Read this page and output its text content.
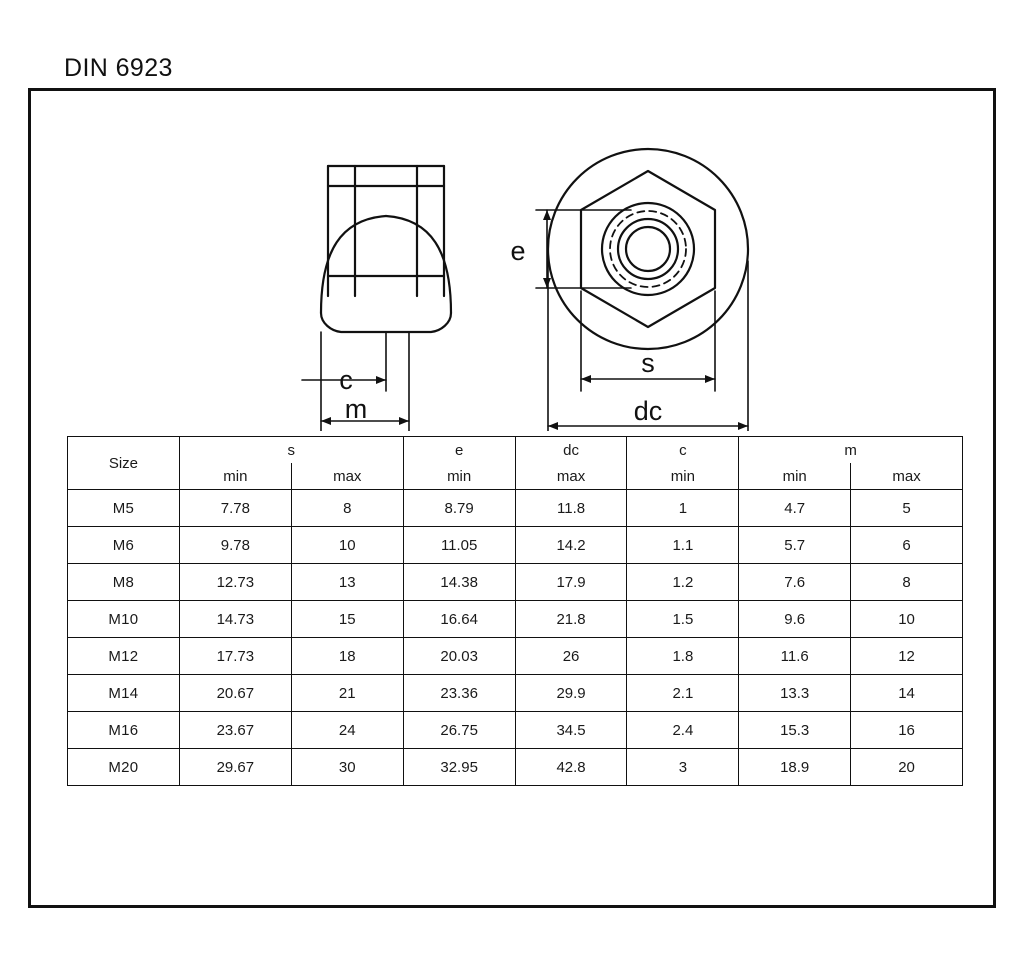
DIN 6923
c
m
e
s
dc
Size	s		e	dc	c	m	
	min	max	min	max	min	min	max
M5	7.78	8	8.79	11.8	1	4.7	5
M6	9.78	10	11.05	14.2	1.1	5.7	6
M8	12.73	13	14.38	17.9	1.2	7.6	8
M10	14.73	15	16.64	21.8	1.5	9.6	10
M12	17.73	18	20.03	26	1.8	11.6	12
M14	20.67	21	23.36	29.9	2.1	13.3	14
M16	23.67	24	26.75	34.5	2.4	15.3	16
M20	29.67	30	32.95	42.8	3	18.9	20
